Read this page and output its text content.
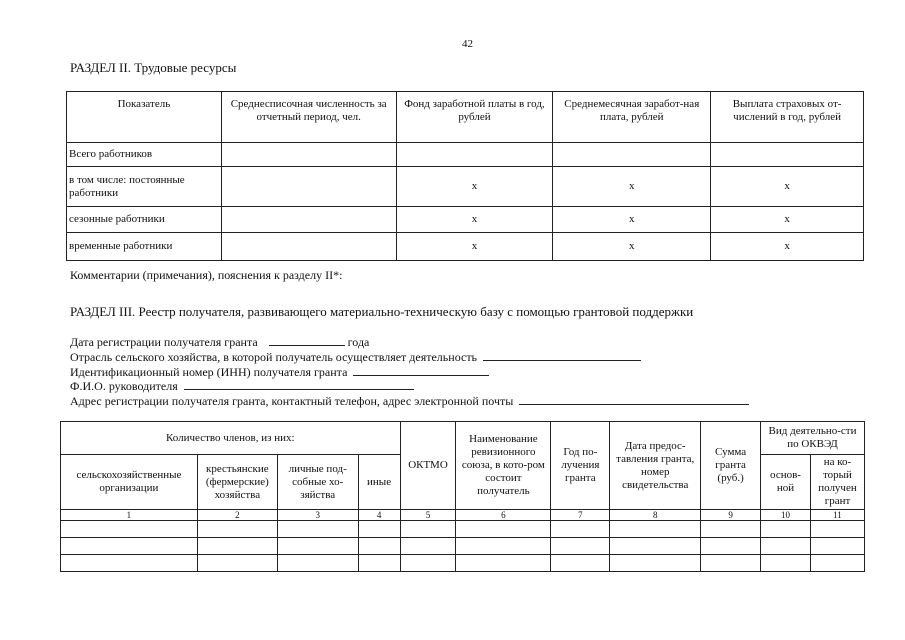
42
РАЗДЕЛ II. Трудовые ресурсы
Показатель	Среднесписочная численность за отчетный период, чел.	Фонд заработной платы в год, рублей	Среднемесячная заработ-ная плата, рублей	Выплата страховых от-числений в год, рублей
Всего работников				
в том числе: постоянные работники		х	х	х
сезонные работники		х	х	х
временные работники		х	х	х
Комментарии (примечания), пояснения к разделу II*:
РАЗДЕЛ III. Реестр получателя, развивающего материально-техническую базу с помощью грантовой поддержки
Дата регистрации получателя гранта	года
Отрасль сельского хозяйства, в которой получатель осуществляет деятельность
Идентификационный номер (ИНН) получателя гранта
Ф.И.О. руководителя
Адрес регистрации получателя гранта, контактный телефон, адрес электронной почты
Количество членов, из них:				ОКТМО	Наименование ревизионного союза, в кото-ром состоит получатель	Год по-лучения гранта	Дата предос-тавления гранта, номер свидетельства	Сумма гранта (руб.)	Вид деятельно-сти по ОКВЭД	
сельскохозяйственные организации	крестьянские (фермерские) хозяйства	личные под-собные хо-зяйства	иные						основ-ной	на ко-торый получен грант
1	2	3	4	5	6	7	8	9	10	11
